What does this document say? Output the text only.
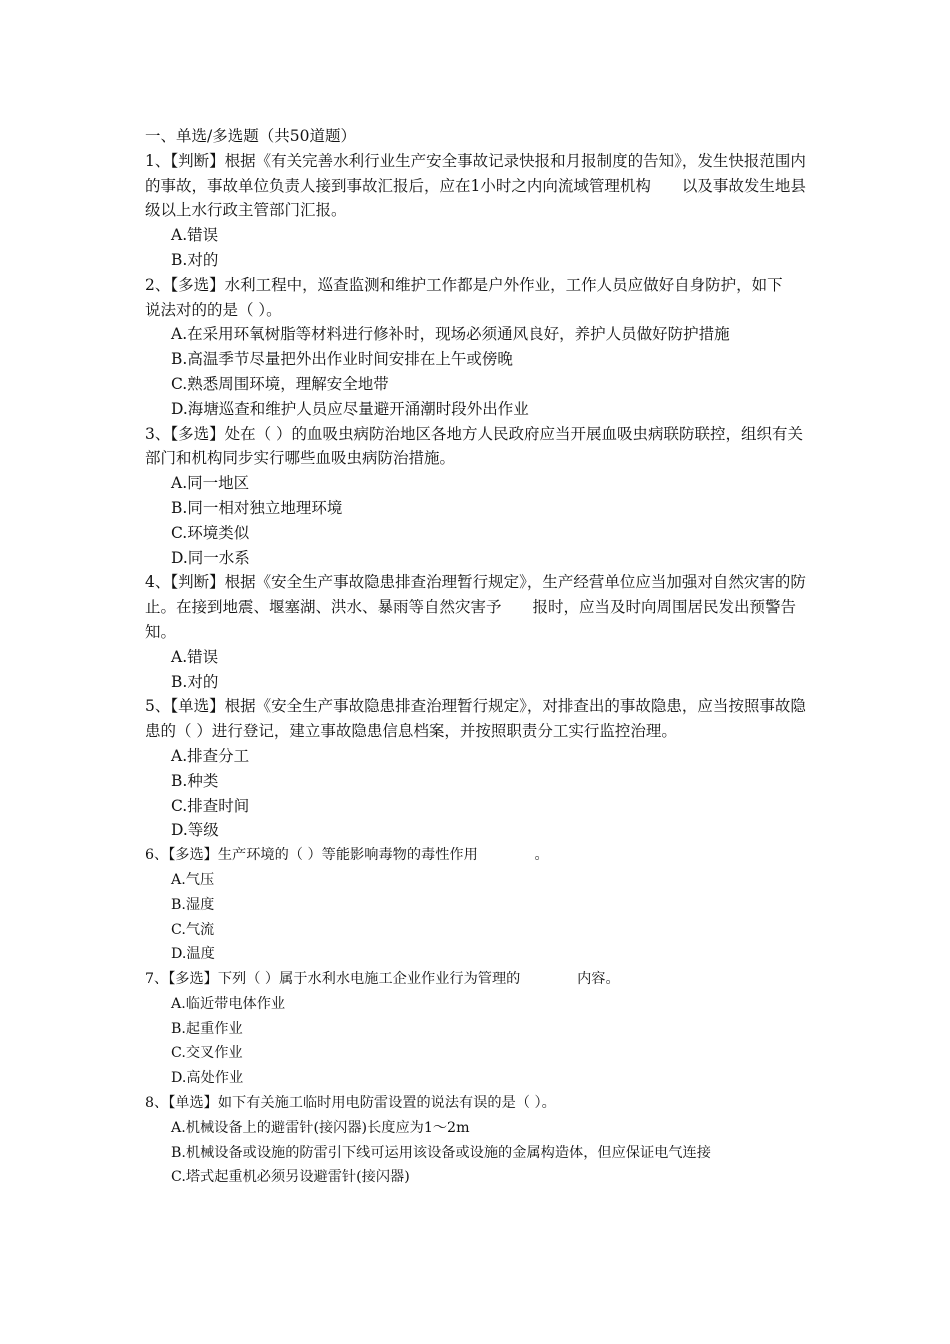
一、单选/多选题（共50道题）
1、【判断】根据《有关完善水利行业生产安全事故记录快报和月报制度的告知》，发生快报范围内的事故，事故单位负责人接到事故汇报后，应在1小时之内向流域管理机构　　以及事故发生地县级以上水行政主管部门汇报。
A.错误
B.对的
2、【多选】水利工程中，巡查监测和维护工作都是户外作业，工作人员应做好自身防护，如下　　说法对的的是（ ）。
A.在采用环氧树脂等材料进行修补时，现场必须通风良好，养护人员做好防护措施
B.高温季节尽量把外出作业时间安排在上午或傍晚
C.熟悉周围环境，理解安全地带
D.海塘巡查和维护人员应尽量避开涌潮时段外出作业
3、【多选】处在（ ）的血吸虫病防治地区各地方人民政府应当开展血吸虫病联防联控，组织有关部门和机构同步实行哪些血吸虫病防治措施。
A.同一地区
B.同一相对独立地理环境
C.环境类似
D.同一水系
4、【判断】根据《安全生产事故隐患排查治理暂行规定》，生产经营单位应当加强对自然灾害的防止。在接到地震、堰塞湖、洪水、暴雨等自然灾害予　　报时，应当及时向周围居民发出预警告知。
A.错误
B.对的
5、【单选】根据《安全生产事故隐患排查治理暂行规定》，对排查出的事故隐患，应当按照事故隐患的（ ）进行登记，建立事故隐患信息档案，并按照职责分工实行监控治理。
A.排查分工
B.种类
C.排查时间
D.等级
6、【多选】生产环境的（ ）等能影响毒物的毒性作用　　　　。
A.气压
B.湿度
C.气流
D.温度
7、【多选】下列（ ）属于水利水电施工企业作业行为管理的　　　　内容。
A.临近带电体作业
B.起重作业
C.交叉作业
D.高处作业
8、【单选】如下有关施工临时用电防雷设置的说法有误的是（ ）。
A.机械设备上的避雷针(接闪器)长度应为1～2m
B.机械设备或设施的防雷引下线可运用该设备或设施的金属构造体，但应保证电气连接
C.塔式起重机必须另设避雷针(接闪器)
